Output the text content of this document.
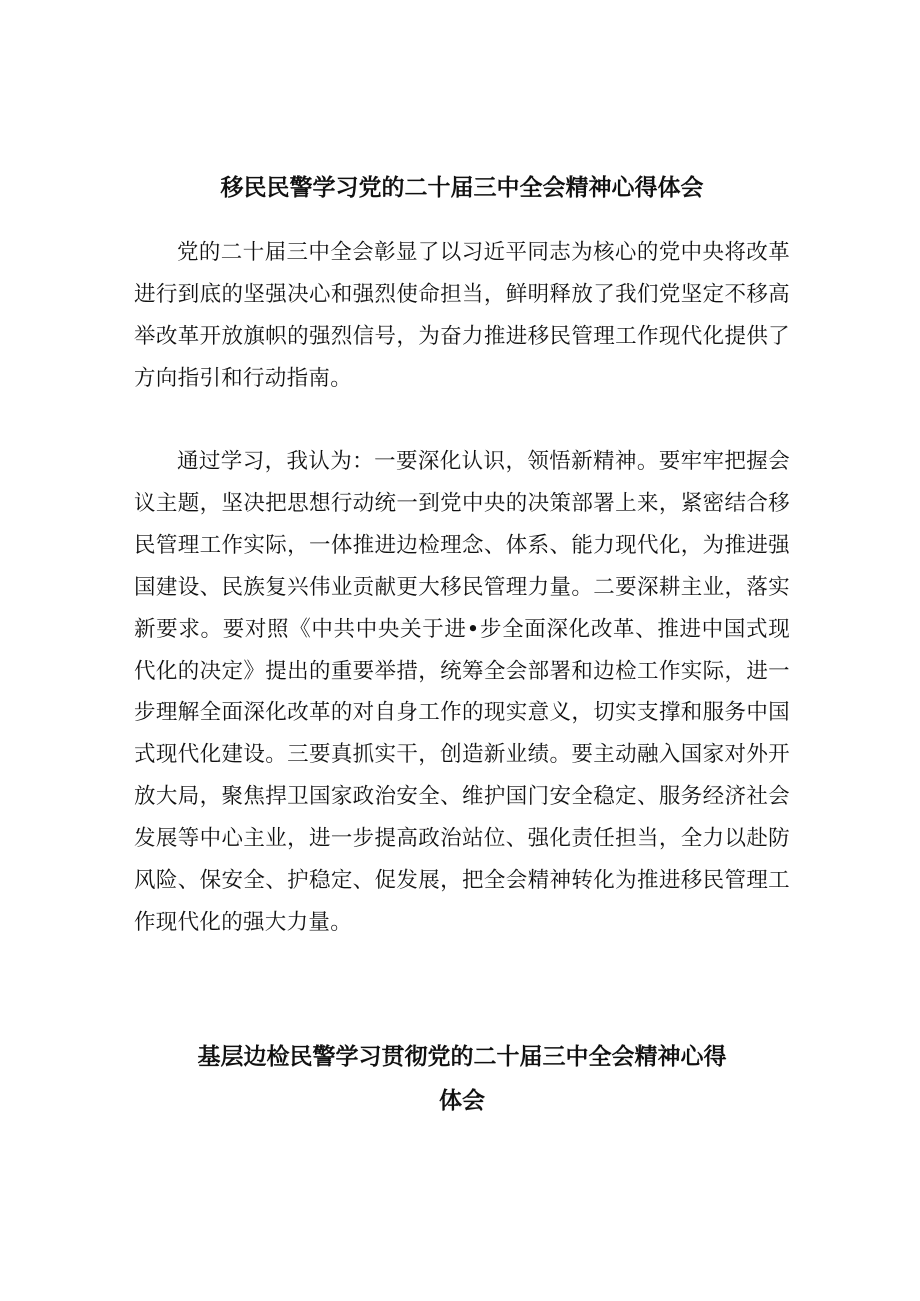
移民民警学习党的二十届三中全会精神心得体会

党的二十届三中全会彰显了以习近平同志为核心的党中央将改革进行到底的坚强决心和强烈使命担当，鲜明释放了我们党坚定不移高举改革开放旗帜的强烈信号，为奋力推进移民管理工作现代化提供了方向指引和行动指南。

通过学习，我认为：一要深化认识，领悟新精神。要牢牢把握会议主题，坚决把思想行动统一到党中央的决策部署上来，紧密结合移民管理工作实际，一体推进边检理念、体系、能力现代化，为推进强国建设、民族复兴伟业贡献更大移民管理力量。二要深耕主业，落实新要求。要对照《中共中央关于进•步全面深化改革、推进中国式现代化的决定》提出的重要举措，统筹全会部署和边检工作实际，进一步理解全面深化改革的对自身工作的现实意义，切实支撑和服务中国式现代化建设。三要真抓实干，创造新业绩。要主动融入国家对外开放大局，聚焦捍卫国家政治安全、维护国门安全稳定、服务经济社会发展等中心主业，进一步提高政治站位、强化责任担当，全力以赴防风险、保安全、护稳定、促发展，把全会精神转化为推进移民管理工作现代化的强大力量。

基层边检民警学习贯彻党的二十届三中全会精神心得
体会
